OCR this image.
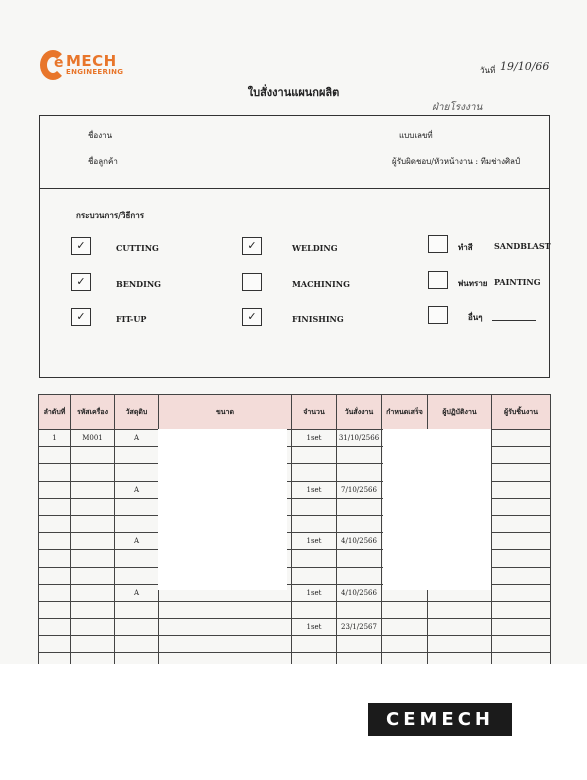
e MECH
ENGINEERING
ใบสั่งงานแผนกผลิต
วันที่ 19/10/66
ฝ่ายโรงงาน
ชื่องาน
ชื่อลูกค้า
แบบเลขที่
ผู้รับผิดชอบ/หัวหน้างาน : ทีมช่างศิลป์
กระบวนการ/วิธีการ
✓	CUTTING	✓	WELDING	ทำสี	SANDBLAST
✓	BENDING	MACHINING	พ่นทราย PAINTING
✓	FIT-UP	✓	FINISHING	อื่นๆ
ลำดับที่	รหัสเครื่อง	วัสดุดิบ	ขนาด	จำนวน	วันสั่งงาน	กำหนดเสร็จ	ผู้ปฏิบัติงาน	ผู้รับชิ้นงาน
1	M001	A		1set	31/10/2566			

		A		1set	7/10/2566			

		A		1set	4/10/2566			

		A		1set	4/10/2566			

				1set	23/1/2567			

CEMECH
